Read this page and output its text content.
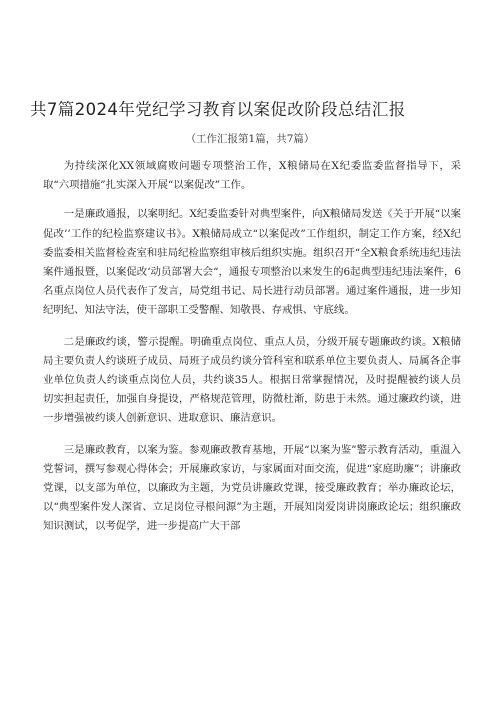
共7篇2024年党纪学习教育以案促改阶段总结汇报
（工作汇报第1篇，共7篇）

为持续深化XX领域腐败问题专项整治工作，X粮储局在X纪委监委监督指导下，采取“六项措施”扎实深入开展“以案促改”工作。

一是廉政通报，以案明纪。X纪委监委针对典型案件，向X粮储局发送《关于开展“以案促改’’工作的纪检监察建议书》。X粮储局成立“以案促改”工作组织，制定工作方案，经X纪委监委相关监督检查室和驻局纪检监察组审核后组织实施。组织召开“全X粮食系统违纪违法案件通报暨，以案促改‘动员部署大会“，通报专项整治以来发生的6起典型违纪违法案件，6名重点岗位人员代表作了发言，局党组书记、局长进行动员部署。通过案件通报，进一步知纪明纪、知法守法，使干部职工受警醒、知敬畏、存戒惧、守底线。

二是廉政约谈，警示提醒。明确重点岗位、重点人员，分级开展专题廉政约谈。X粮储局主要负责人约谈班子成员、局班子成员约谈分管科室和联系单位主要负责人、局属各企事业单位负责人约谈重点岗位人员，共约谈35人。根据日常掌握情况，及时提醒被约谈人员切实担起责任，加强自身提设，严格规范管理，防微杜渐，防患于未然。通过廉政约谈，进一步增强被约谈人创新意识、进取意识、廉洁意识。

三是廉政教育，以案为鉴。参观廉政教育基地，开展“以案为鉴”警示教育活动，重温入党誓词，撰写参观心得体会；开展廉政家访，与家属面对面交流，促进“家庭助廉”；讲廉政党课，以支部为单位，以廉政为主题，为党员讲廉政党课，接受廉政教育；举办廉政论坛，以“典型案件发人深省、立足岗位寻根问源”为主题，开展知岗爱岗讲岗廉政论坛；组织廉政知识测试，以考促学，进一步提高广大干部
